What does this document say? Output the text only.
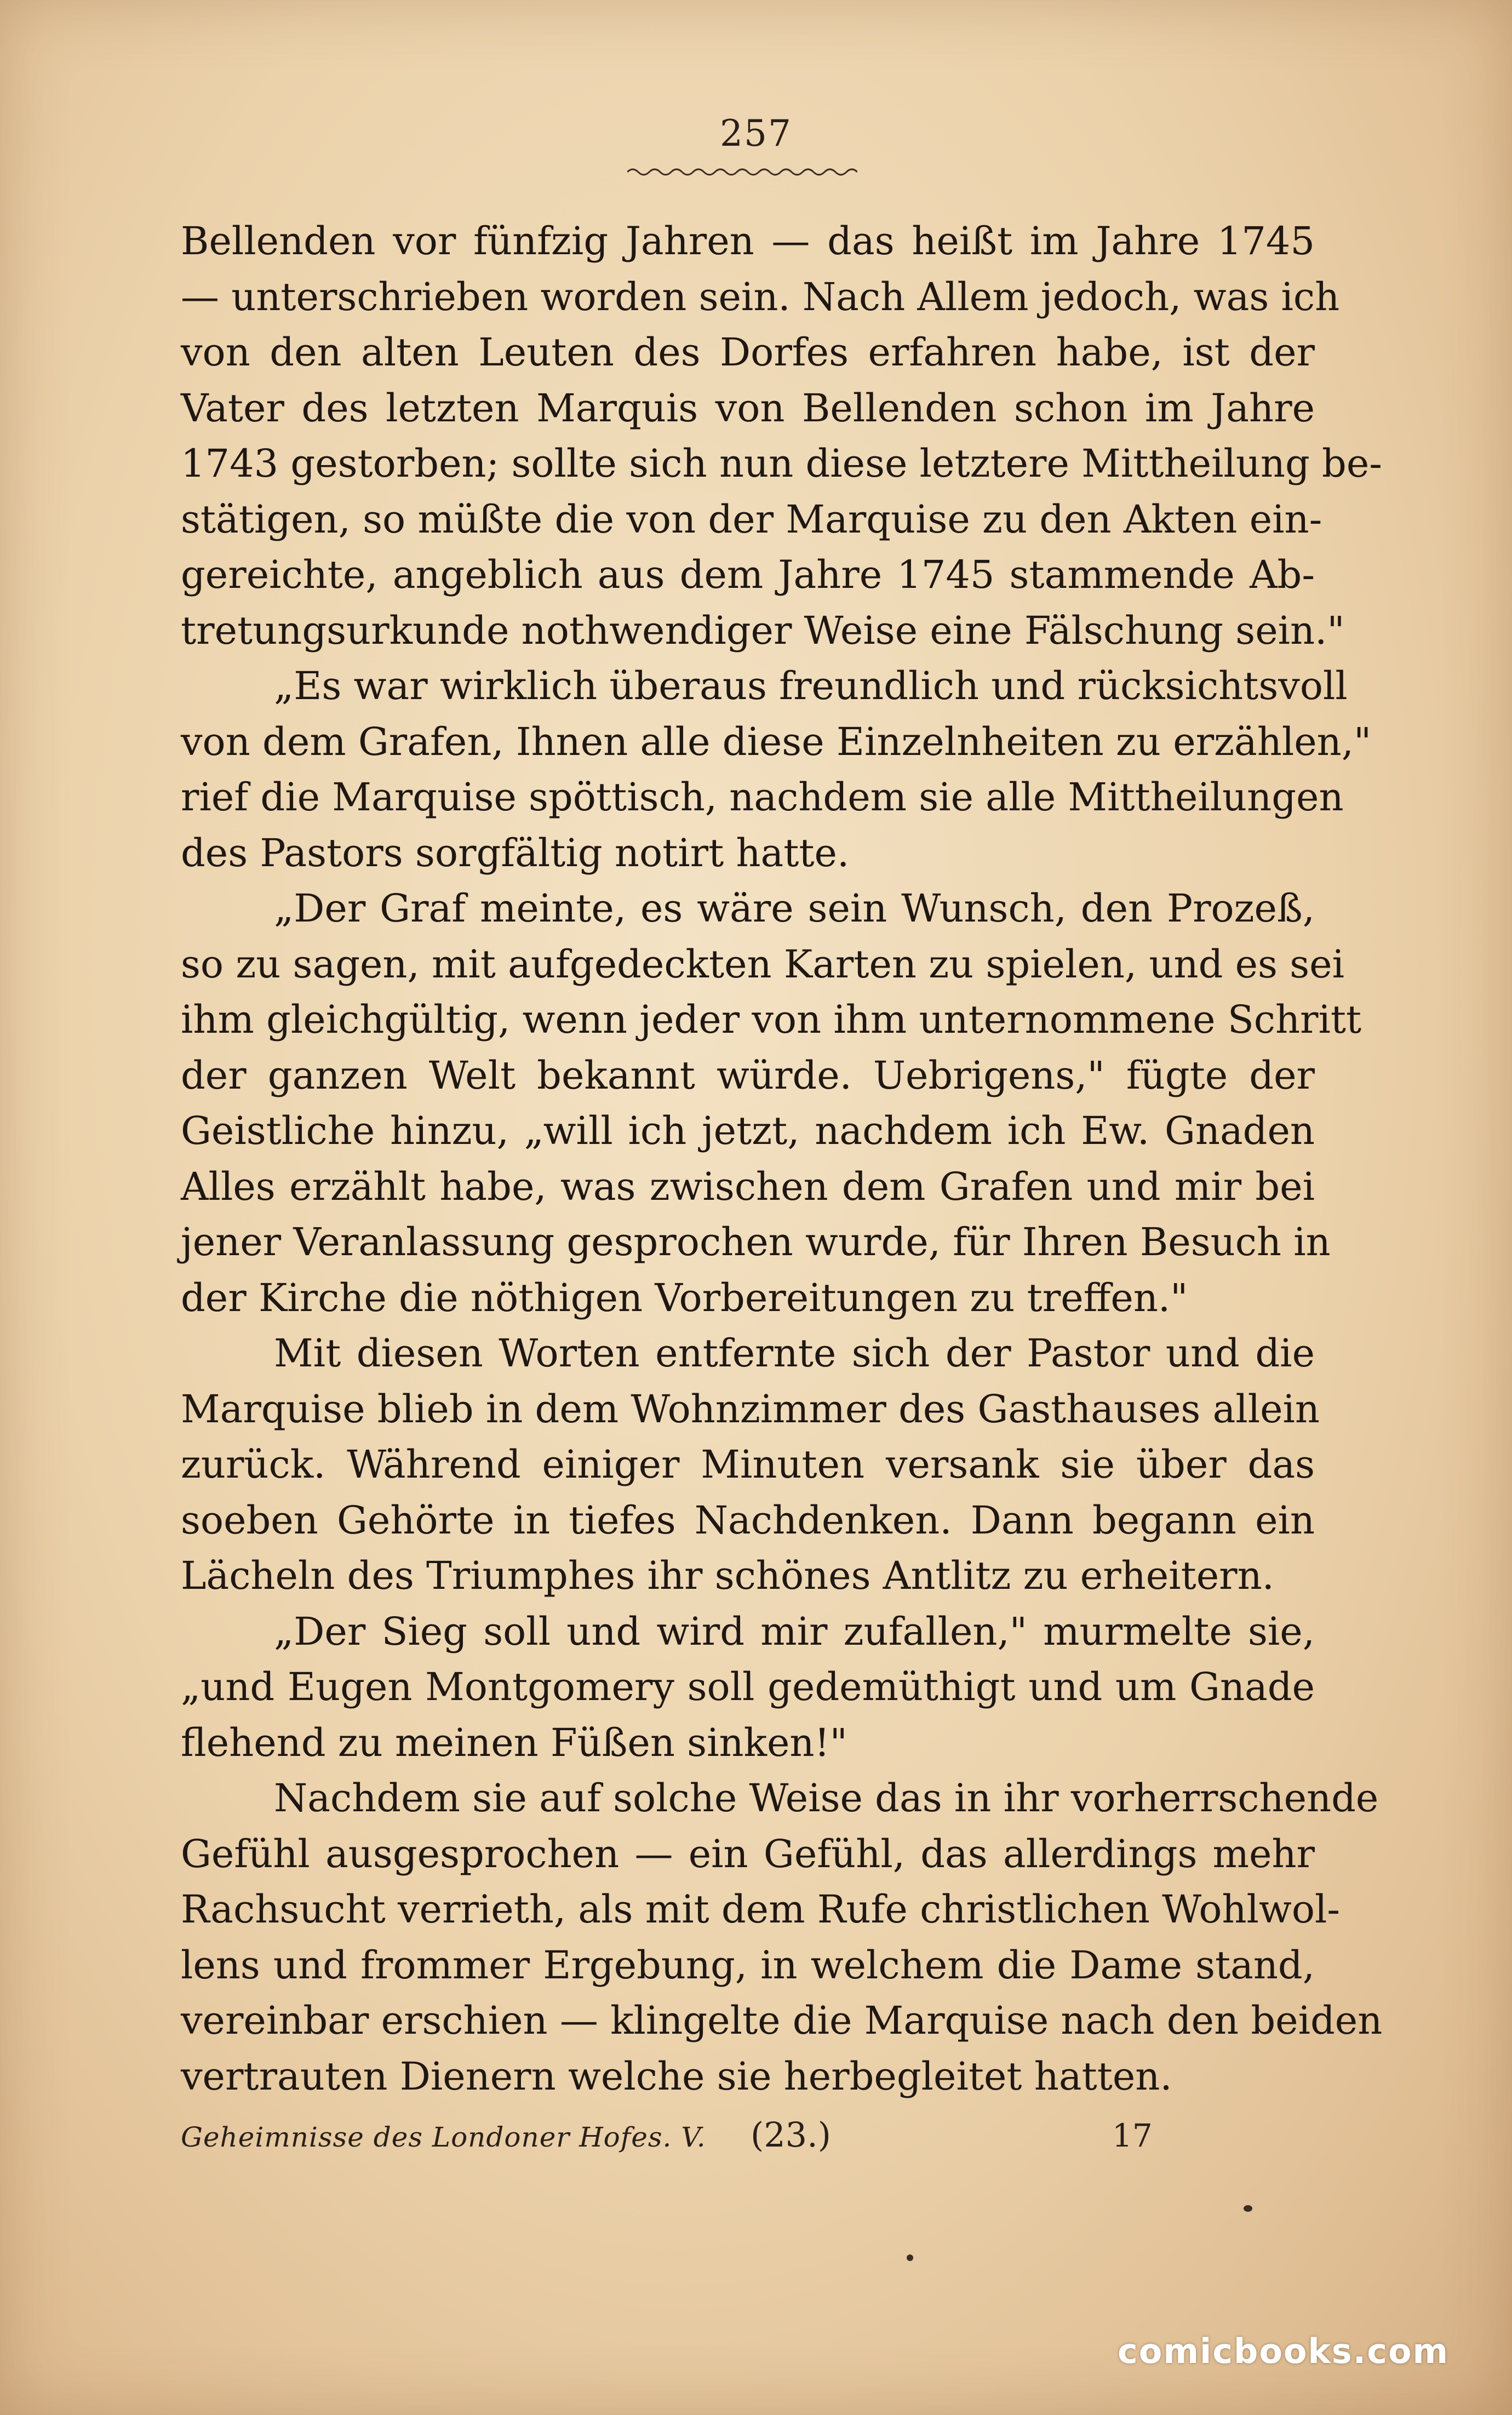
257
Bellenden vor fünfzig Jahren — das heißt im Jahre 1745
— unterschrieben worden sein. Nach Allem jedoch, was ich
von den alten Leuten des Dorfes erfahren habe, ist der
Vater des letzten Marquis von Bellenden schon im Jahre
1743 gestorben; sollte sich nun diese letztere Mittheilung be-
stätigen, so müßte die von der Marquise zu den Akten ein-
gereichte, angeblich aus dem Jahre 1745 stammende Ab-
tretungsurkunde nothwendiger Weise eine Fälschung sein."
„Es war wirklich überaus freundlich und rücksichtsvoll
von dem Grafen, Ihnen alle diese Einzelnheiten zu erzählen,"
rief die Marquise spöttisch, nachdem sie alle Mittheilungen
des Pastors sorgfältig notirt hatte.
„Der Graf meinte, es wäre sein Wunsch, den Prozeß,
so zu sagen, mit aufgedeckten Karten zu spielen, und es sei
ihm gleichgültig, wenn jeder von ihm unternommene Schritt
der ganzen Welt bekannt würde. Uebrigens," fügte der
Geistliche hinzu, „will ich jetzt, nachdem ich Ew. Gnaden
Alles erzählt habe, was zwischen dem Grafen und mir bei
jener Veranlassung gesprochen wurde, für Ihren Besuch in
der Kirche die nöthigen Vorbereitungen zu treffen."
Mit diesen Worten entfernte sich der Pastor und die
Marquise blieb in dem Wohnzimmer des Gasthauses allein
zurück. Während einiger Minuten versank sie über das
soeben Gehörte in tiefes Nachdenken. Dann begann ein
Lächeln des Triumphes ihr schönes Antlitz zu erheitern.
„Der Sieg soll und wird mir zufallen," murmelte sie,
„und Eugen Montgomery soll gedemüthigt und um Gnade
flehend zu meinen Füßen sinken!"
Nachdem sie auf solche Weise das in ihr vorherrschende
Gefühl ausgesprochen — ein Gefühl, das allerdings mehr
Rachsucht verrieth, als mit dem Rufe christlichen Wohlwol-
lens und frommer Ergebung, in welchem die Dame stand,
vereinbar erschien — klingelte die Marquise nach den beiden
vertrauten Dienern welche sie herbegleitet hatten.
Geheimnisse des Londoner Hofes. V. (23.)	17
comicbooks.com
